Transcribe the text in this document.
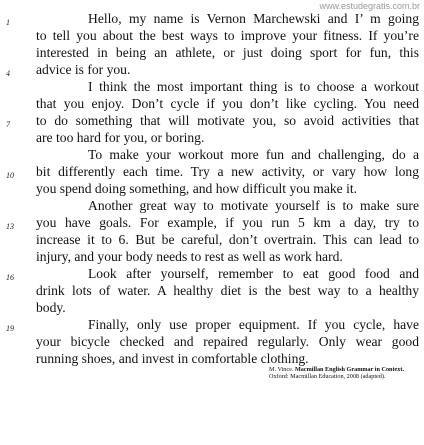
www.estudegratis.com.br
Hello, my name is Vernon Marchewski and I’ m going
to tell you about the best ways to improve your fitness. If you’re
interested in being an athlete, or just doing sport for fun, this
advice is for you.
I think the most important thing is to choose a workout
that you enjoy. Don’t cycle if you don’t like cycling. You need
to do something that will motivate you, so avoid activities that
are too hard for you, or boring.
To make your workout more fun and challenging, do a
bit differently each time. Try a new activity, or vary how long
you spend doing something, and how difficult you make it.
Another great way to motivate yourself is to make sure
you have goals. For example, if you run 5 km a day, try to
increase it to 6. But be careful, don’t overtrain. This can lead to
injury, and your body needs to rest as well as work hard.
Look after yourself, remember to eat good food and
drink lots of water. A healthy diet is the best way to a healthy
body.
Finally, only use proper equipment. If you cycle, have
your bicycle checked and repaired regularly. Only wear good
running shoes, and invest in comfortable clothing.
1
4
7
10
13
16
19
M. Vince. Macmillan English Grammar in Context.
Oxford: Macmillan Education, 2008 (adapted).
